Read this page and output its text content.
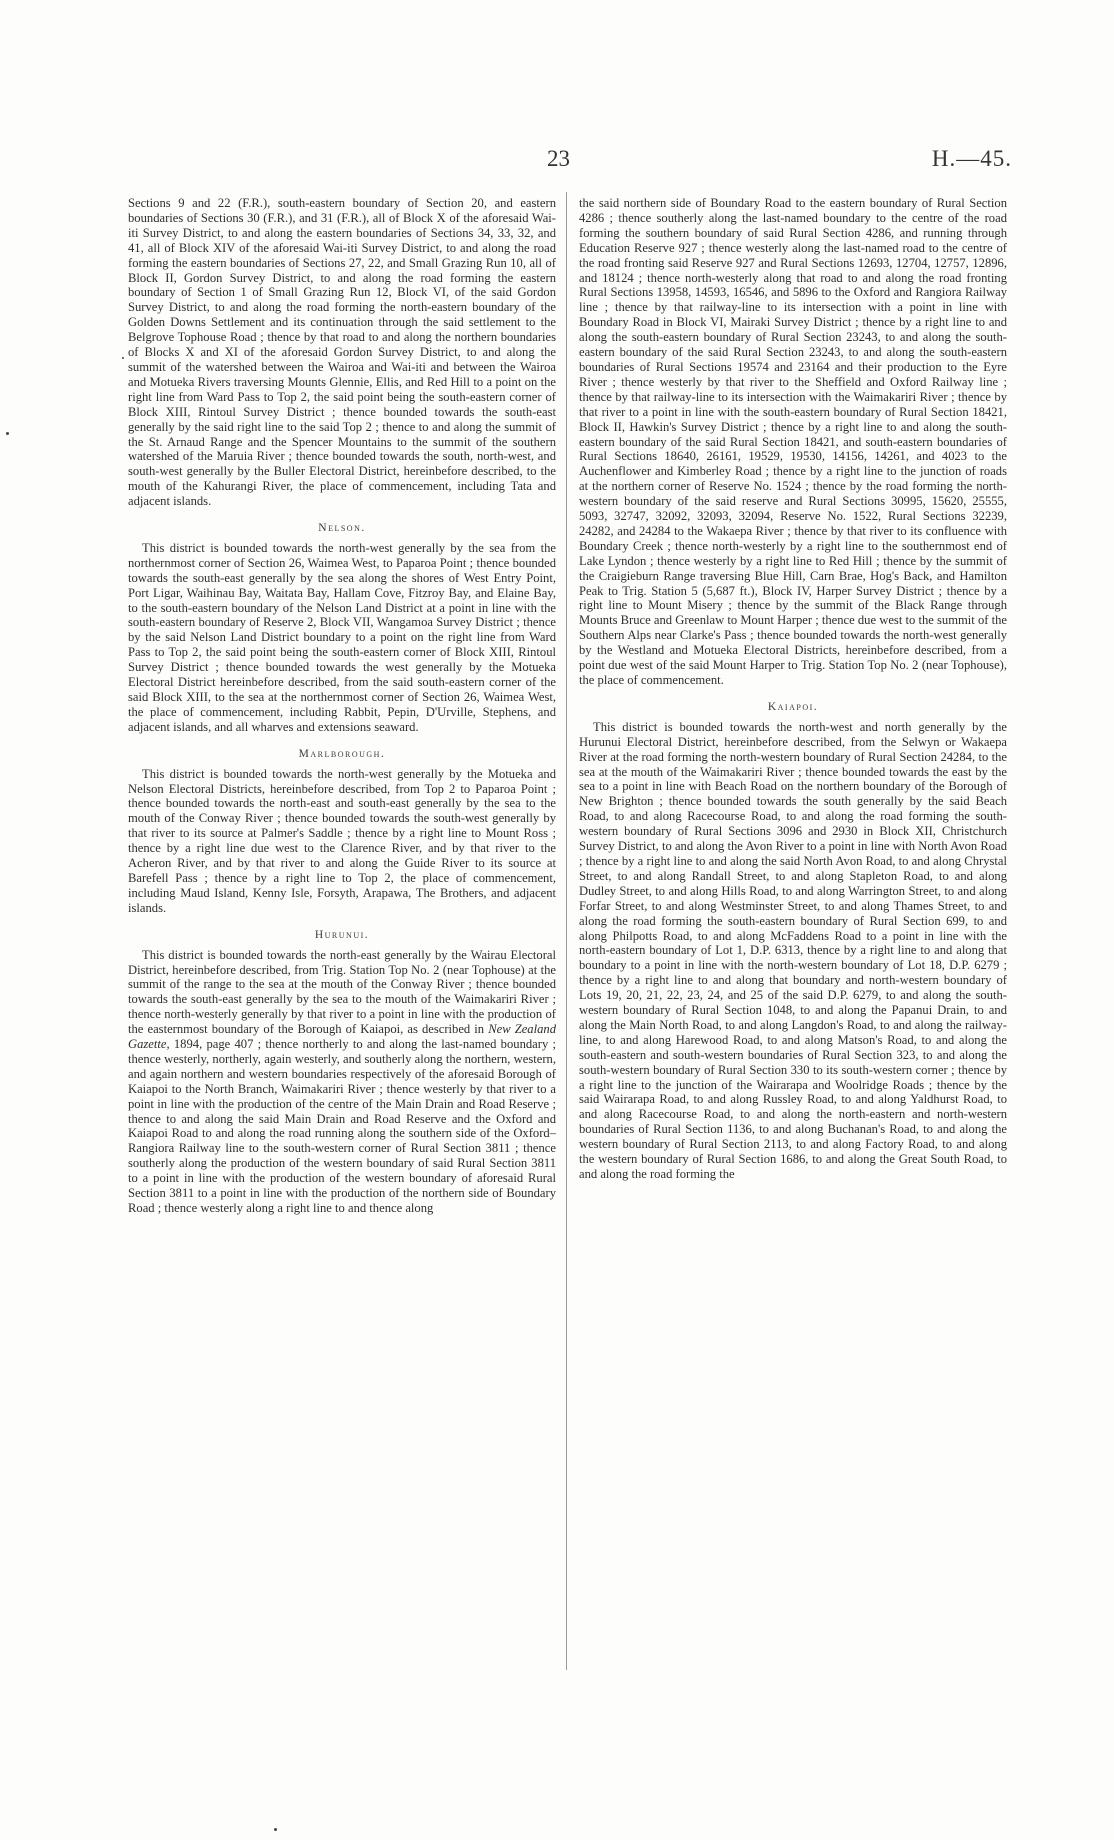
23	H.—45.

Sections 9 and 22 (F.R.), south-eastern boundary of Section 20, and eastern boundaries of Sections 30 (F.R.), and 31 (F.R.), all of Block X of the aforesaid Wai-iti Survey District, to and along the eastern boundaries of Sections 34, 33, 32, and 41, all of Block XIV of the aforesaid Wai-iti Survey District, to and along the road forming the eastern boundaries of Sections 27, 22, and Small Grazing Run 10, all of Block II, Gordon Survey District, to and along the road forming the eastern boundary of Section 1 of Small Grazing Run 12, Block VI, of the said Gordon Survey District, to and along the road forming the north-eastern boundary of the Golden Downs Settlement and its continuation through the said settlement to the Belgrove Tophouse Road ; thence by that road to and along the northern boundaries of Blocks X and XI of the aforesaid Gordon Survey District, to and along the summit of the watershed between the Wairoa and Wai-iti and between the Wairoa and Motueka Rivers traversing Mounts Glennie, Ellis, and Red Hill to a point on the right line from Ward Pass to Top 2, the said point being the south-eastern corner of Block XIII, Rintoul Survey District ; thence bounded towards the south-east generally by the said right line to the said Top 2 ; thence to and along the summit of the St. Arnaud Range and the Spencer Mountains to the summit of the southern watershed of the Maruia River ; thence bounded towards the south, north-west, and south-west generally by the Buller Electoral District, hereinbefore described, to the mouth of the Kahurangi River, the place of commencement, including Tata and adjacent islands.

Nelson.

This district is bounded towards the north-west generally by the sea from the northernmost corner of Section 26, Waimea West, to Paparoa Point ; thence bounded towards the south-east generally by the sea along the shores of West Entry Point, Port Ligar, Waihinau Bay, Waitata Bay, Hallam Cove, Fitzroy Bay, and Elaine Bay, to the south-eastern boundary of the Nelson Land District at a point in line with the south-eastern boundary of Reserve 2, Block VII, Wangamoa Survey District ; thence by the said Nelson Land District boundary to a point on the right line from Ward Pass to Top 2, the said point being the south-eastern corner of Block XIII, Rintoul Survey District ; thence bounded towards the west generally by the Motueka Electoral District hereinbefore described, from the said south-eastern corner of the said Block XIII, to the sea at the northernmost corner of Section 26, Waimea West, the place of commencement, including Rabbit, Pepin, D'Urville, Stephens, and adjacent islands, and all wharves and extensions seaward.

Marlborough.

This district is bounded towards the north-west generally by the Motueka and Nelson Electoral Districts, hereinbefore described, from Top 2 to Paparoa Point ; thence bounded towards the north-east and south-east generally by the sea to the mouth of the Conway River ; thence bounded towards the south-west generally by that river to its source at Palmer's Saddle ; thence by a right line to Mount Ross ; thence by a right line due west to the Clarence River, and by that river to the Acheron River, and by that river to and along the Guide River to its source at Barefell Pass ; thence by a right line to Top 2, the place of commencement, including Maud Island, Kenny Isle, Forsyth, Arapawa, The Brothers, and adjacent islands.

Hurunui.

This district is bounded towards the north-east generally by the Wairau Electoral District, hereinbefore described, from Trig. Station Top No. 2 (near Tophouse) at the summit of the range to the sea at the mouth of the Conway River ; thence bounded towards the south-east generally by the sea to the mouth of the Waimakariri River ; thence north-westerly generally by that river to a point in line with the production of the easternmost boundary of the Borough of Kaiapoi, as described in New Zealand Gazette, 1894, page 407 ; thence northerly to and along the last-named boundary ; thence westerly, northerly, again westerly, and southerly along the northern, western, and again northern and western boundaries respectively of the aforesaid Borough of Kaiapoi to the North Branch, Waimakariri River ; thence westerly by that river to a point in line with the production of the centre of the Main Drain and Road Reserve ; thence to and along the said Main Drain and Road Reserve and the Oxford and Kaiapoi Road to and along the road running along the southern side of the Oxford–Rangiora Railway line to the south-western corner of Rural Section 3811 ; thence southerly along the production of the western boundary of said Rural Section 3811 to a point in line with the production of the western boundary of aforesaid Rural Section 3811 to a point in line with the production of the northern side of Boundary Road ; thence westerly along a right line to and thence along

the said northern side of Boundary Road to the eastern boundary of Rural Section 4286 ; thence southerly along the last-named boundary to the centre of the road forming the southern boundary of said Rural Section 4286, and running through Education Reserve 927 ; thence westerly along the last-named road to the centre of the road fronting said Reserve 927 and Rural Sections 12693, 12704, 12757, 12896, and 18124 ; thence north-westerly along that road to and along the road fronting Rural Sections 13958, 14593, 16546, and 5896 to the Oxford and Rangiora Railway line ; thence by that railway-line to its intersection with a point in line with Boundary Road in Block VI, Mairaki Survey District ; thence by a right line to and along the south-eastern boundary of Rural Section 23243, to and along the south-eastern boundary of the said Rural Section 23243, to and along the south-eastern boundaries of Rural Sections 19574 and 23164 and their production to the Eyre River ; thence westerly by that river to the Sheffield and Oxford Railway line ; thence by that railway-line to its intersection with the Waimakariri River ; thence by that river to a point in line with the south-eastern boundary of Rural Section 18421, Block II, Hawkin's Survey District ; thence by a right line to and along the south-eastern boundary of the said Rural Section 18421, and south-eastern boundaries of Rural Sections 18640, 26161, 19529, 19530, 14156, 14261, and 4023 to the Auchenflower and Kimberley Road ; thence by a right line to the junction of roads at the northern corner of Reserve No. 1524 ; thence by the road forming the north-western boundary of the said reserve and Rural Sections 30995, 15620, 25555, 5093, 32747, 32092, 32093, 32094, Reserve No. 1522, Rural Sections 32239, 24282, and 24284 to the Wakaepa River ; thence by that river to its confluence with Boundary Creek ; thence north-westerly by a right line to the southernmost end of Lake Lyndon ; thence westerly by a right line to Red Hill ; thence by the summit of the Craigieburn Range traversing Blue Hill, Carn Brae, Hog's Back, and Hamilton Peak to Trig. Station 5 (5,687 ft.), Block IV, Harper Survey District ; thence by a right line to Mount Misery ; thence by the summit of the Black Range through Mounts Bruce and Greenlaw to Mount Harper ; thence due west to the summit of the Southern Alps near Clarke's Pass ; thence bounded towards the north-west generally by the Westland and Motueka Electoral Districts, hereinbefore described, from a point due west of the said Mount Harper to Trig. Station Top No. 2 (near Tophouse), the place of commencement.

Kaiapoi.

This district is bounded towards the north-west and north generally by the Hurunui Electoral District, hereinbefore described, from the Selwyn or Wakaepa River at the road forming the north-western boundary of Rural Section 24284, to the sea at the mouth of the Waimakariri River ; thence bounded towards the east by the sea to a point in line with Beach Road on the northern boundary of the Borough of New Brighton ; thence bounded towards the south generally by the said Beach Road, to and along Racecourse Road, to and along the road forming the south-western boundary of Rural Sections 3096 and 2930 in Block XII, Christchurch Survey District, to and along the Avon River to a point in line with North Avon Road ; thence by a right line to and along the said North Avon Road, to and along Chrystal Street, to and along Randall Street, to and along Stapleton Road, to and along Dudley Street, to and along Hills Road, to and along Warrington Street, to and along Forfar Street, to and along Westminster Street, to and along Thames Street, to and along the road forming the south-eastern boundary of Rural Section 699, to and along Philpotts Road, to and along McFaddens Road to a point in line with the north-eastern boundary of Lot 1, D.P. 6313, thence by a right line to and along that boundary to a point in line with the north-western boundary of Lot 18, D.P. 6279 ; thence by a right line to and along that boundary and north-western boundary of Lots 19, 20, 21, 22, 23, 24, and 25 of the said D.P. 6279, to and along the south-western boundary of Rural Section 1048, to and along the Papanui Drain, to and along the Main North Road, to and along Langdon's Road, to and along the railway-line, to and along Harewood Road, to and along Matson's Road, to and along the south-eastern and south-western boundaries of Rural Section 323, to and along the south-western boundary of Rural Section 330 to its south-western corner ; thence by a right line to the junction of the Wairarapa and Woolridge Roads ; thence by the said Wairarapa Road, to and along Russley Road, to and along Yaldhurst Road, to and along Racecourse Road, to and along the north-eastern and north-western boundaries of Rural Section 1136, to and along Buchanan's Road, to and along the western boundary of Rural Section 2113, to and along Factory Road, to and along the western boundary of Rural Section 1686, to and along the Great South Road, to and along the road forming the
